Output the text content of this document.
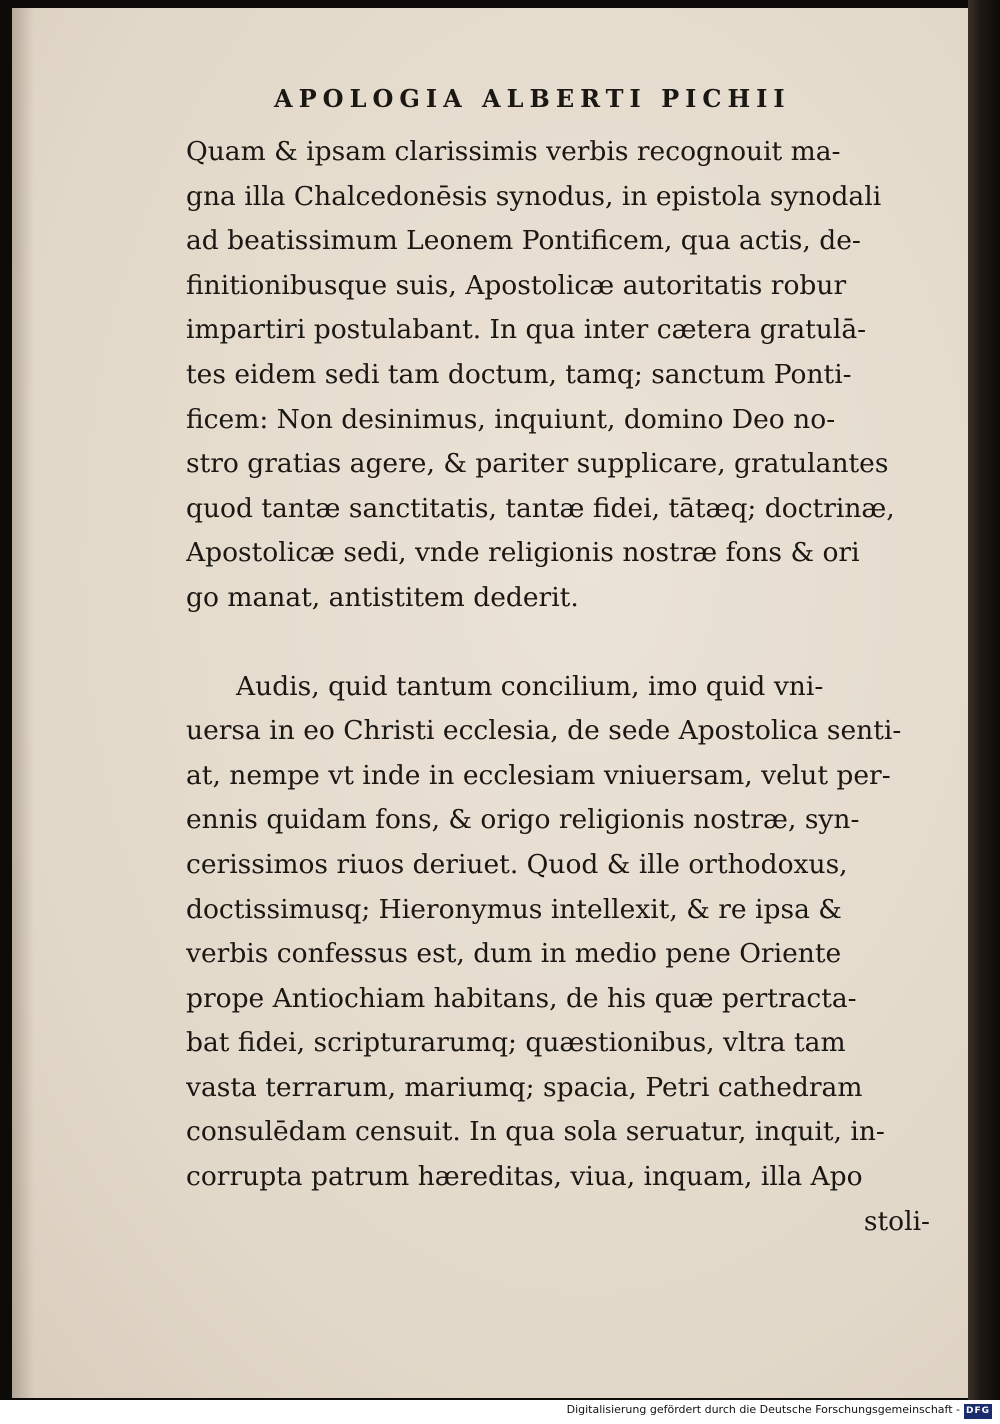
APOLOGIA ALBERTI PICHII
Quam & ipsam clarissimis verbis recognouit ma-
gna illa Chalcedonēsis synodus, in epistola synodali
ad beatissimum Leonem Pontificem, qua actis, de-
finitionibusque suis, Apostolicæ autoritatis robur
impartiri postulabant. In qua inter cætera gratulā-
tes eidem sedi tam doctum, tamq; sanctum Ponti-
ficem: Non desinimus, inquiunt, domino Deo no-
stro gratias agere, & pariter supplicare, gratulantes
quod tantæ sanctitatis, tantæ fidei, tātæq; doctrinæ,
Apostolicæ sedi, vnde religionis nostræ fons & ori
go manat, antistitem dederit.
Audis, quid tantum concilium, imo quid vni-
uersa in eo Christi ecclesia, de sede Apostolica senti-
at, nempe vt inde in ecclesiam vniuersam, velut per-
ennis quidam fons, & origo religionis nostræ, syn-
cerissimos riuos deriuet. Quod & ille orthodoxus,
doctissimusq; Hieronymus intellexit, & re ipsa &
verbis confessus est, dum in medio pene Oriente
prope Antiochiam habitans, de his quæ pertracta-
bat fidei, scripturarumq; quæstionibus, vltra tam
vasta terrarum, mariumq; spacia, Petri cathedram
consulēdam censuit. In qua sola seruatur, inquit, in-
corrupta patrum hæreditas, viua, inquam, illa Apo
stoli-
Digitalisierung gefördert durch die Deutsche Forschungsgemeinschaft - DFG
